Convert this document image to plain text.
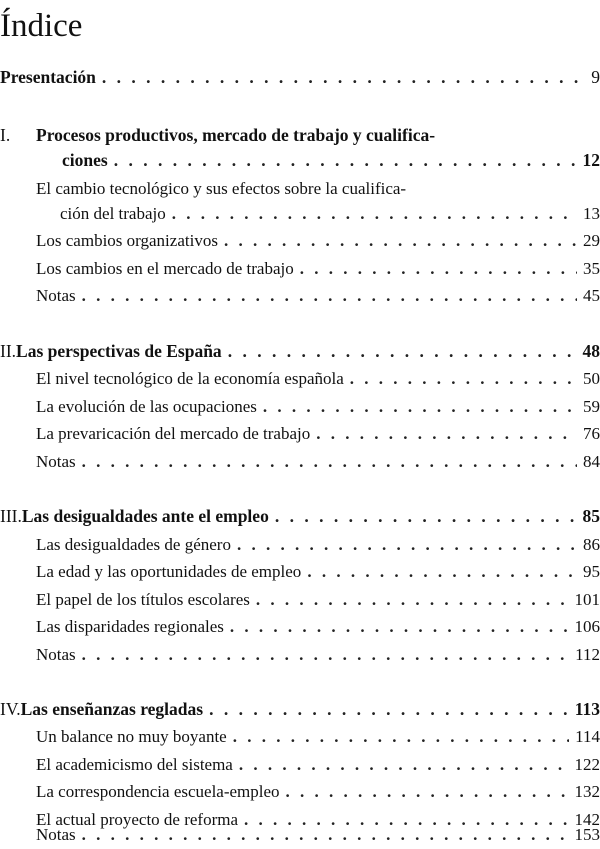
Índice
Presentación . . .	9
I.	Procesos productivos, mercado de trabajo y cualifica-
ciones . . .	12
El cambio tecnológico y sus efectos sobre la cualifica-
ción del trabajo . . .	13
Los cambios organizativos . . .	29
Los cambios en el mercado de trabajo . . .	35
Notas . . .	45
II. Las perspectivas de España . . .	48
El nivel tecnológico de la economía española . . .	50
La evolución de las ocupaciones . . .	59
La prevaricación del mercado de trabajo . . .	76
Notas . . .	84
III. Las desigualdades ante el empleo . . .	85
Las desigualdades de género . . .	86
La edad y las oportunidades de empleo . . .	95
El papel de los títulos escolares . . .	101
Las disparidades regionales . . .	106
Notas . . .	112
IV. Las enseñanzas regladas . . .	113
Un balance no muy boyante . . .	114
El academicismo del sistema . . .	122
La correspondencia escuela-empleo . . .	132
El actual proyecto de reforma . . .	142
Notas . . .	153
